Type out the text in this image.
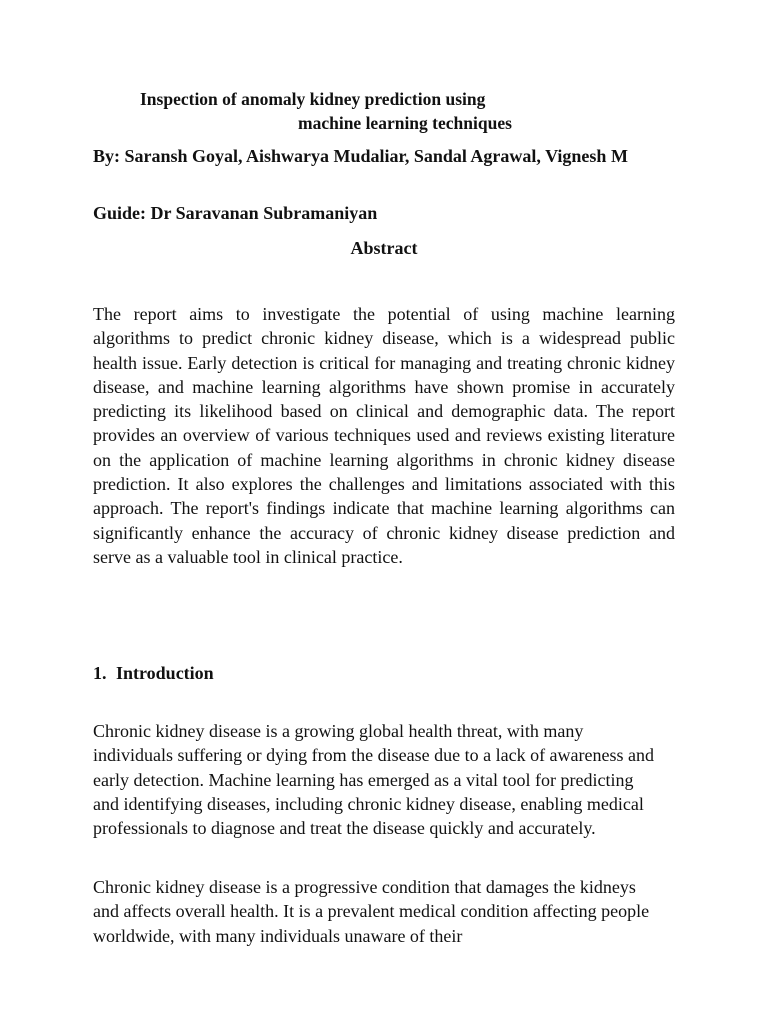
Inspection of anomaly kidney prediction using
machine learning techniques
By: Saransh Goyal, Aishwarya Mudaliar, Sandal Agrawal, Vignesh M
Guide: Dr Saravanan Subramaniyan
Abstract

The report aims to investigate the potential of using machine learning algorithms to predict chronic kidney disease, which is a widespread public health issue. Early detection is critical for managing and treating chronic kidney disease, and machine learning algorithms have shown promise in accurately predicting its likelihood based on clinical and demographic data. The report provides an overview of various techniques used and reviews existing literature on the application of machine learning algorithms in chronic kidney disease prediction. It also explores the challenges and limitations associated with this approach. The report's findings indicate that machine learning algorithms can significantly enhance the accuracy of chronic kidney disease prediction and serve as a valuable tool in clinical practice.

1. Introduction

Chronic kidney disease is a growing global health threat, with many individuals suffering or dying from the disease due to a lack of awareness and early detection. Machine learning has emerged as a vital tool for predicting and identifying diseases, including chronic kidney disease, enabling medical professionals to diagnose and treat the disease quickly and accurately.

Chronic kidney disease is a progressive condition that damages the kidneys and affects overall health. It is a prevalent medical condition affecting people worldwide, with many individuals unaware of their
